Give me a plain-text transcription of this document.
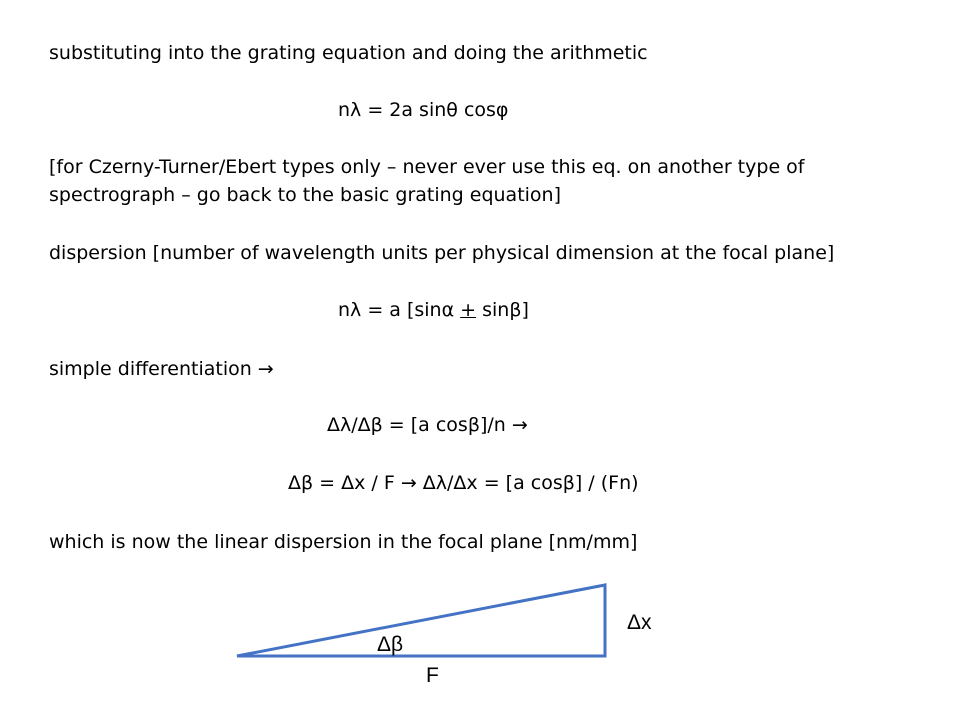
substituting into the grating equation and doing the arithmetic
nλ = 2a sinθ cosφ
[for Czerny-Turner/Ebert types only – never ever use this eq. on another type of
spectrograph – go back to the basic grating equation]
dispersion [number of wavelength units per physical dimension at the focal plane]
nλ = a [sinα + sinβ]
simple differentiation →
Δλ/Δβ = [a cosβ]/n →
Δβ = Δx / F → Δλ/Δx = [a cosβ] / (Fn)
which is now the linear dispersion in the focal plane [nm/mm]
Δβ
Δx
F
